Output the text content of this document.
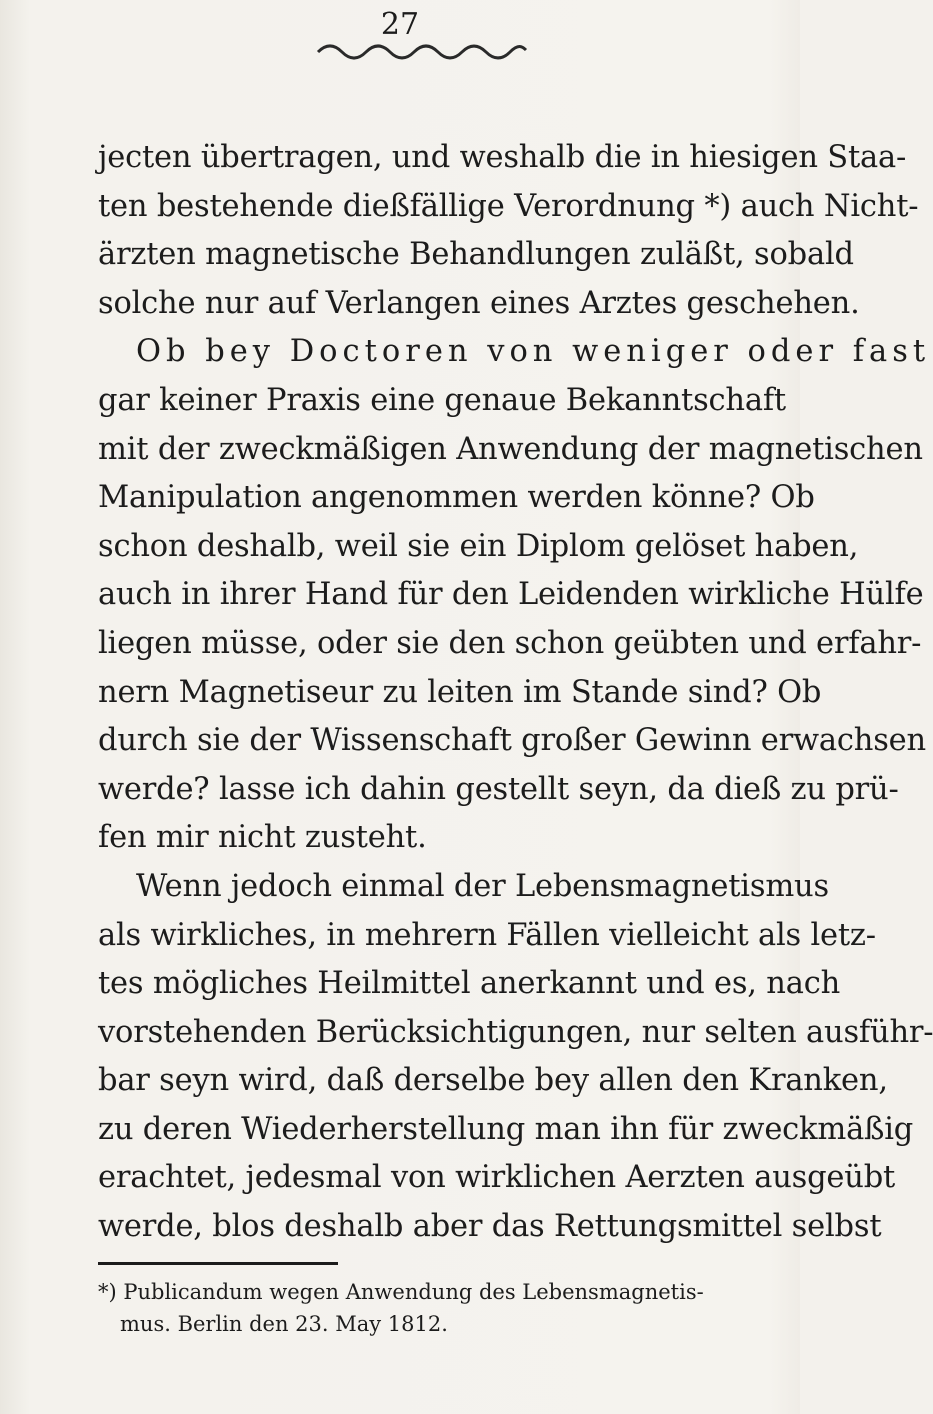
27
jecten übertragen, und weshalb die in hiesigen Staa-
ten bestehende dießfällige Verordnung *) auch Nicht-
ärzten magnetische Behandlungen zuläßt, sobald
solche nur auf Verlangen eines Arztes geschehen.
Ob bey Doctoren von weniger oder fast
gar keiner Praxis eine genaue Bekanntschaft
mit der zweckmäßigen Anwendung der magnetischen
Manipulation angenommen werden könne? Ob
schon deshalb, weil sie ein Diplom gelöset haben,
auch in ihrer Hand für den Leidenden wirkliche Hülfe
liegen müsse, oder sie den schon geübten und erfahr-
nern Magnetiseur zu leiten im Stande sind? Ob
durch sie der Wissenschaft großer Gewinn erwachsen
werde? lasse ich dahin gestellt seyn, da dieß zu prü-
fen mir nicht zusteht.
Wenn jedoch einmal der Lebensmagnetismus
als wirkliches, in mehrern Fällen vielleicht als letz-
tes mögliches Heilmittel anerkannt und es, nach
vorstehenden Berücksichtigungen, nur selten ausführ-
bar seyn wird, daß derselbe bey allen den Kranken,
zu deren Wiederherstellung man ihn für zweckmäßig
erachtet, jedesmal von wirklichen Aerzten ausgeübt
werde, blos deshalb aber das Rettungsmittel selbst
*) Publicandum wegen Anwendung des Lebensmagnetis-
mus. Berlin den 23. May 1812.
